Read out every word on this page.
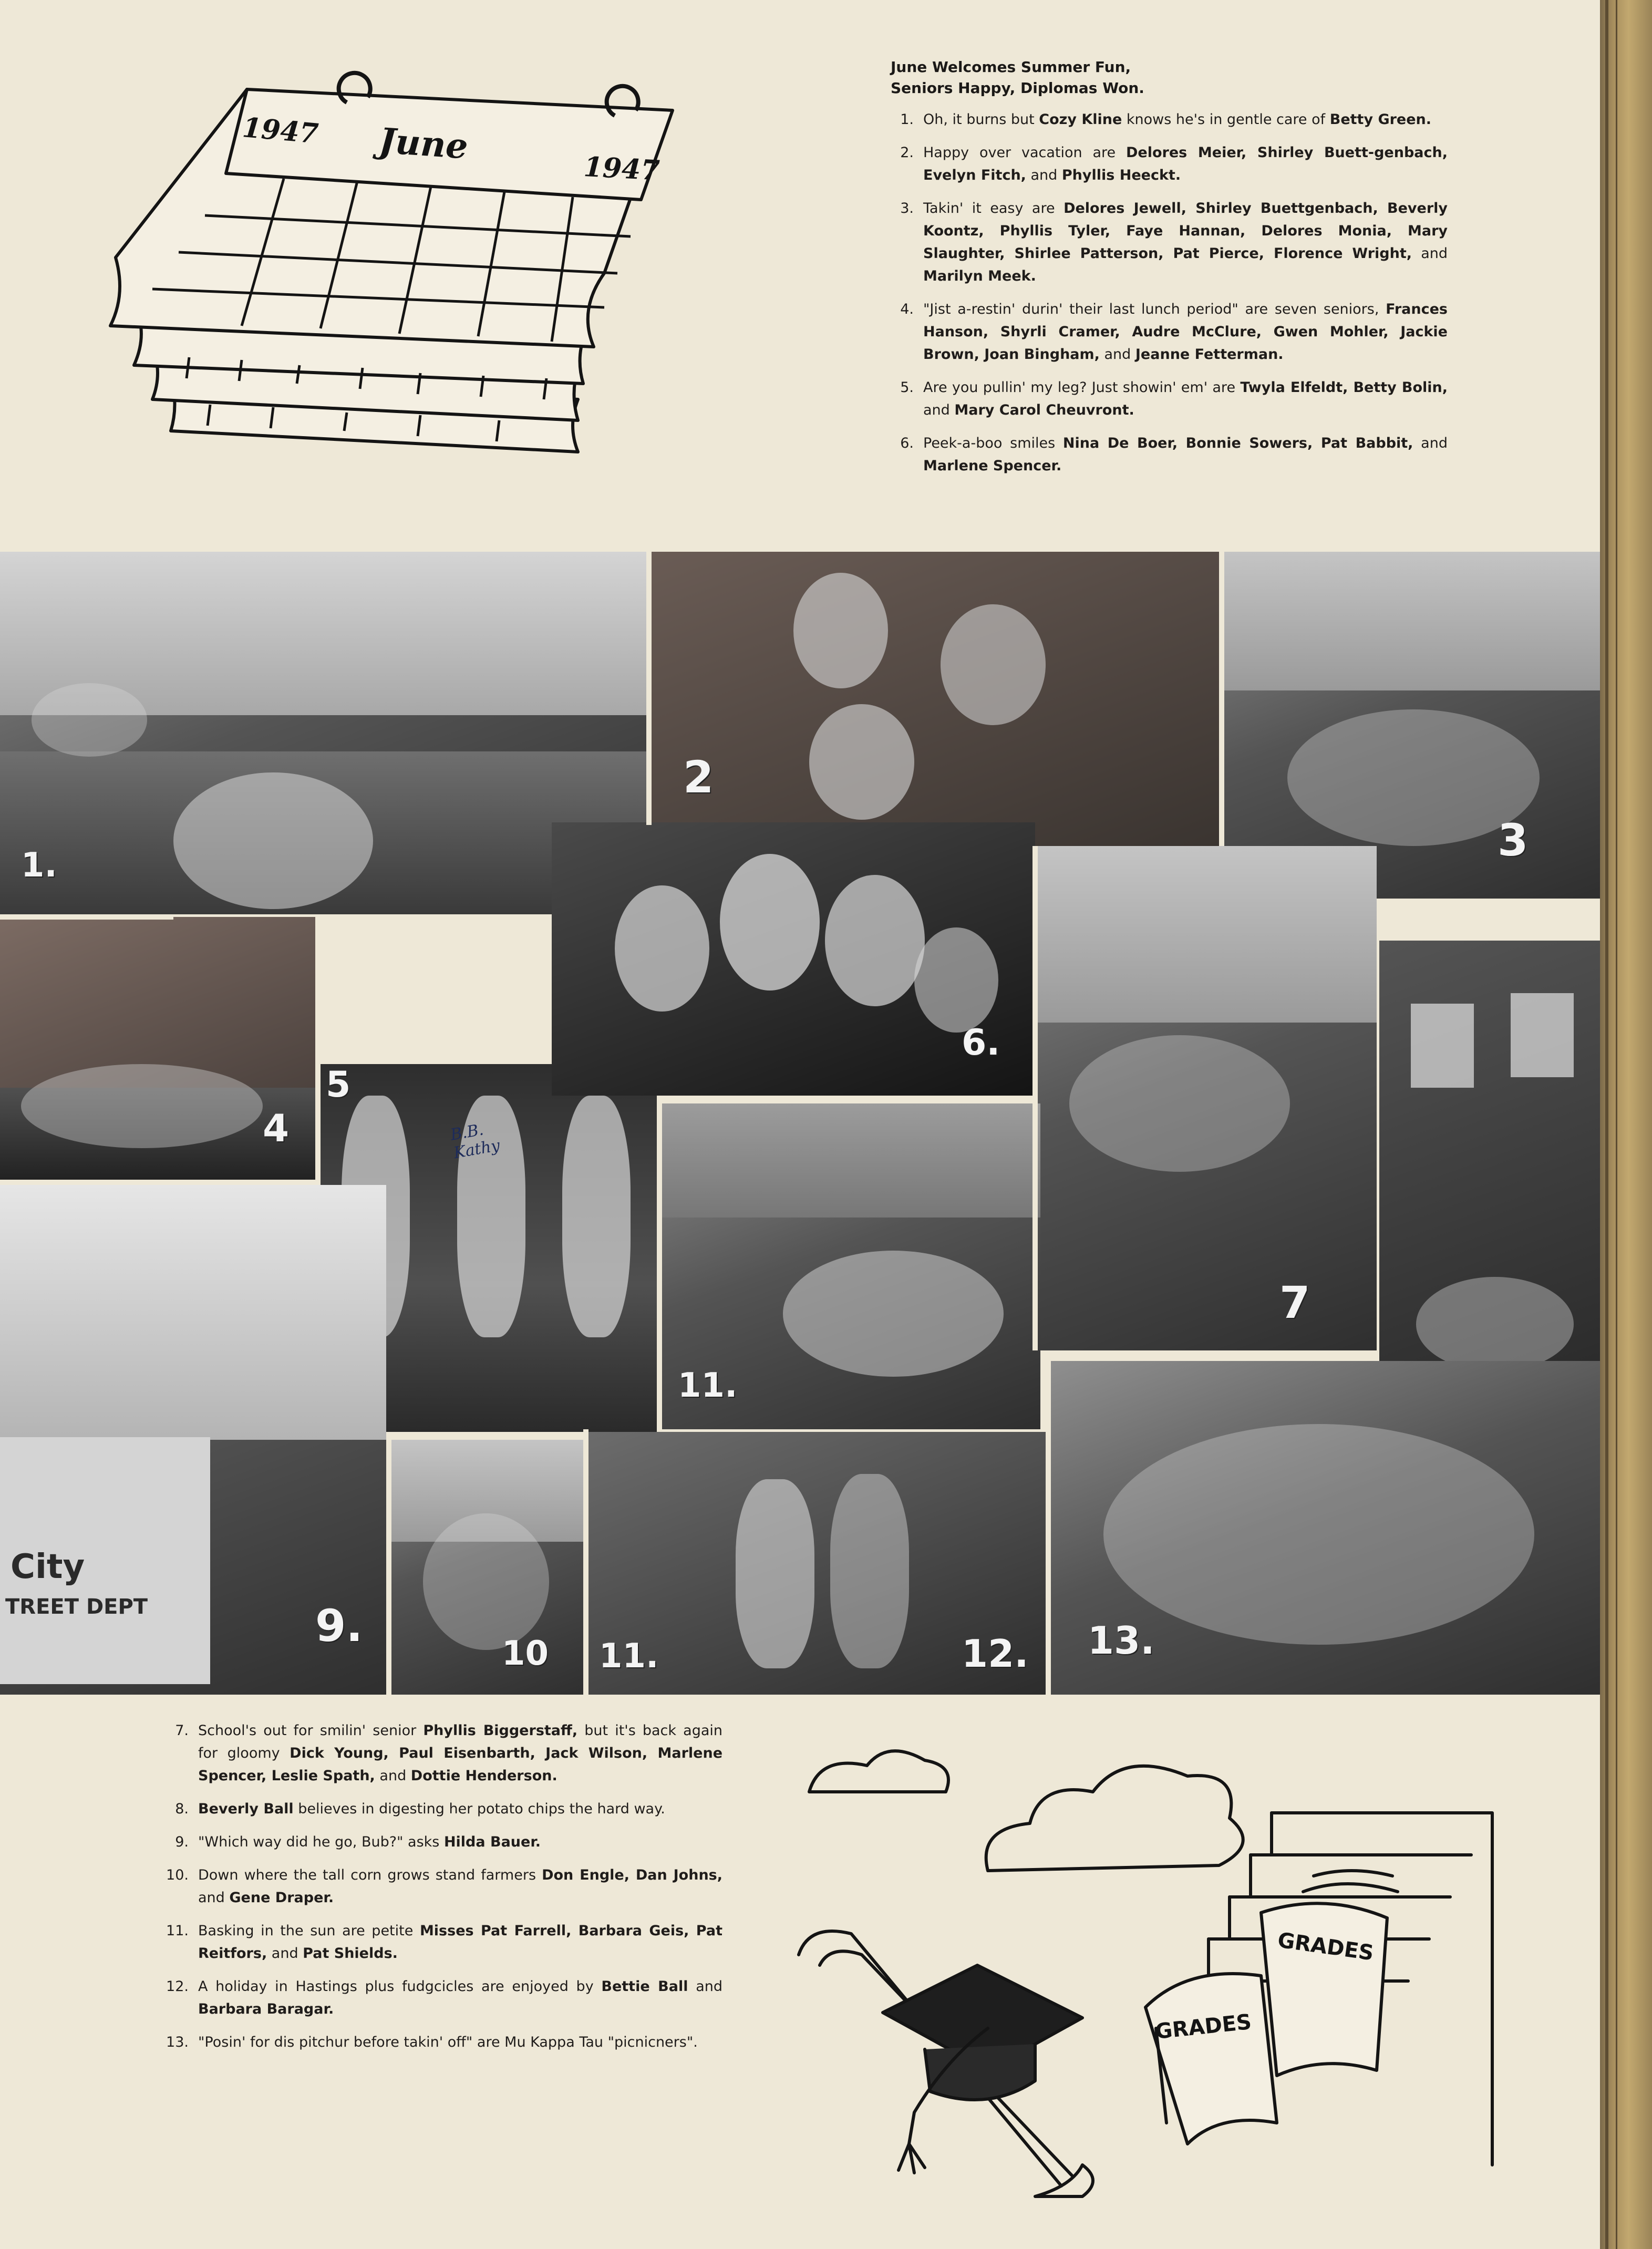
1947 June
1947
June Welcomes Summer Fun,
Seniors Happy, Diplomas Won.
1. Oh, it burns but Cozy Kline knows he's in gentle care of Betty Green.
2. Happy over vacation are Delores Meier, Shirley Buett-genbach, Evelyn Fitch, and Phyllis Heeckt.
3. Takin' it easy are Delores Jewell, Shirley Buettgenbach, Beverly Koontz, Phyllis Tyler, Faye Hannan, Delores Monia, Mary Slaughter, Shirlee Patterson, Pat Pierce, Florence Wright, and Marilyn Meek.
4. "Jist a-restin' durin' their last lunch period" are seven seniors, Frances Hanson, Shyrli Cramer, Audre McClure, Gwen Mohler, Jackie Brown, Joan Bingham, and Jeanne Fetterman.
5. Are you pullin' my leg? Just showin' em' are Twyla Elfeldt, Betty Bolin, and Mary Carol Cheuvront.
6. Peek-a-boo smiles Nina De Boer, Bonnie Sowers, Pat Babbit, and Marlene Spencer.
1.
2
3
4
5
B.B. Kathy
6.
7
11.
City
TREET DEPT	9.
10 11.	12. 13.
7. School's out for smilin' senior Phyllis Biggerstaff, but it's back again for gloomy Dick Young, Paul Eisenbarth, Jack Wilson, Marlene Spencer, Leslie Spath, and Dottie Henderson.
8. Beverly Ball believes in digesting her potato chips the hard way.
9. "Which way did he go, Bub?" asks Hilda Bauer.
10. Down where the tall corn grows stand farmers Don Engle, Dan Johns, and Gene Draper.
11. Basking in the sun are petite Misses Pat Farrell, Barbara Geis, Pat Reitfors, and Pat Shields.
12. A holiday in Hastings plus fudgcicles are enjoyed by Bettie Ball and Barbara Baragar.
13. "Posin' for dis pitchur before takin' off" are Mu Kappa Tau "picnicners".	GRADES
GRADES
